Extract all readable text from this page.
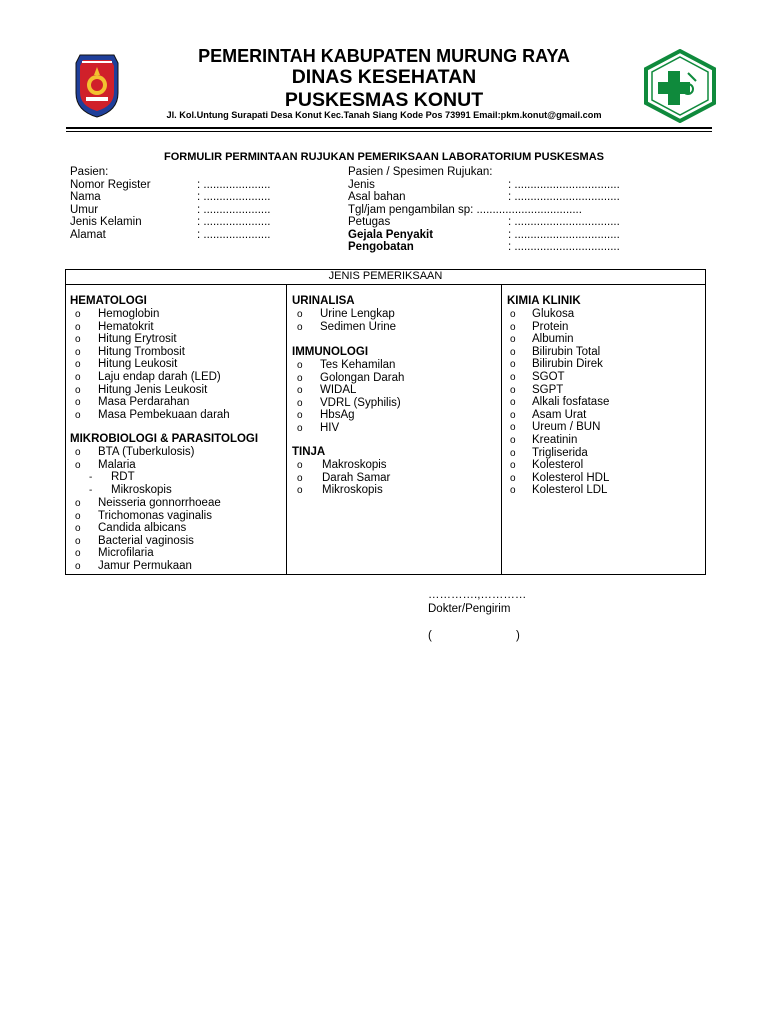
PEMERINTAH KABUPATEN MURUNG RAYA
DINAS KESEHATAN
PUSKESMAS KONUT
Jl. Kol.Untung Surapati Desa Konut Kec.Tanah Siang Kode Pos 73991 Email:pkm.konut@gmail.com
FORMULIR PERMINTAAN RUJUKAN PEMERIKSAAN LABORATORIUM PUSKESMAS
Pasien:
Nomor Register	: .....................
Nama	: .....................
Umur	: .....................
Jenis Kelamin	: .....................
Alamat	: .....................
Pasien / Spesimen Rujukan:
Jenis	: .................................
Asal bahan	: .................................
Tgl/jam pengambilan sp: .................................
Petugas	: .................................
Gejala Penyakit	: .................................
Pengobatan	: .................................
JENIS PEMERIKSAAN
HEMATOLOGI
MIKROBIOLOGI & PARASITOLOGI
URINALISA
IMMUNOLOGI
TINJA
KIMIA KLINIK
o Hemoglobin
o Hematokrit
o Hitung Erytrosit
o Hitung Trombosit
o Hitung Leukosit
o Laju endap darah (LED)
o Hitung Jenis Leukosit
o Masa Perdarahan
o Masa Pembekuaan darah
o BTA (Tuberkulosis)
o Malaria
- RDT
- Mikroskopis
o Neisseria gonnorrhoeae
o Trichomonas vaginalis
o Candida albicans
o Bacterial vaginosis
o Microfilaria
o Jamur Permukaan
o Urine Lengkap
o Sedimen Urine
o Tes Kehamilan
o Golongan Darah
o WIDAL
o VDRL (Syphilis)
o HbsAg
o HIV
o Makroskopis
o Darah Samar
o Mikroskopis
o Glukosa
o Protein
o Albumin
o Bilirubin Total
o Bilirubin Direk
o SGOT
o SGPT
o Alkali fosfatase
o Asam Urat
o Ureum / BUN
o Kreatinin
o Trigliserida
o Kolesterol
o Kolesterol HDL
o Kolesterol LDL
………….,…………
Dokter/Pengirim
(	)
